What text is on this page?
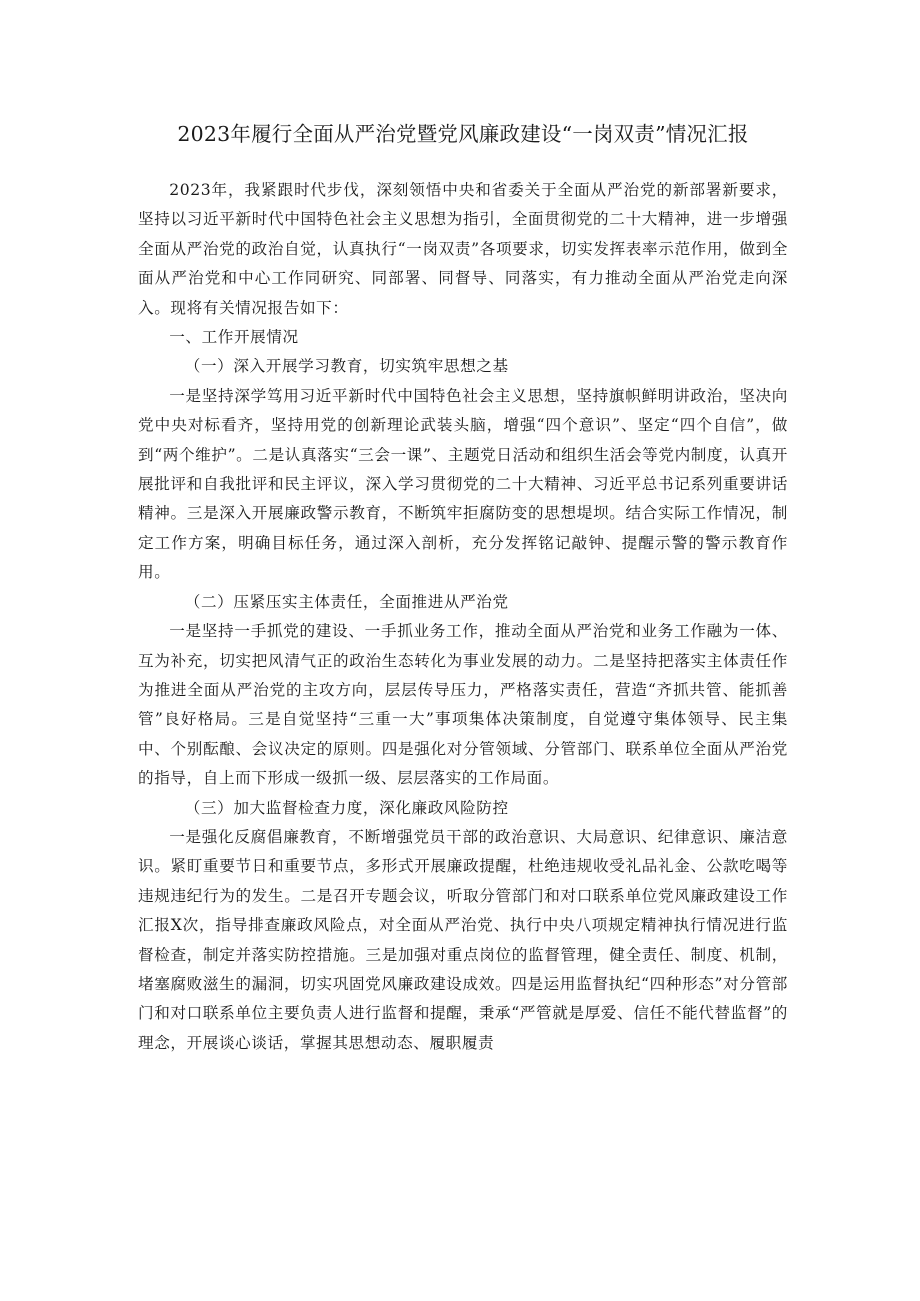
2023年履行全面从严治党暨党风廉政建设“一岗双责”情况汇报

2023年，我紧跟时代步伐，深刻领悟中央和省委关于全面从严治党的新部署新要求，坚持以习近平新时代中国特色社会主义思想为指引，全面贯彻党的二十大精神，进一步增强全面从严治党的政治自觉，认真执行“一岗双责”各项要求，切实发挥表率示范作用，做到全面从严治党和中心工作同研究、同部署、同督导、同落实，有力推动全面从严治党走向深入。现将有关情况报告如下：

一、工作开展情况

（一）深入开展学习教育，切实筑牢思想之基

一是坚持深学笃用习近平新时代中国特色社会主义思想，坚持旗帜鲜明讲政治，坚决向党中央对标看齐，坚持用党的创新理论武装头脑，增强“四个意识”、坚定“四个自信”，做到“两个维护”。二是认真落实“三会一课”、主题党日活动和组织生活会等党内制度，认真开展批评和自我批评和民主评议，深入学习贯彻党的二十大精神、习近平总书记系列重要讲话精神。三是深入开展廉政警示教育，不断筑牢拒腐防变的思想堤坝。结合实际工作情况，制定工作方案，明确目标任务，通过深入剖析，充分发挥铭记敲钟、提醒示警的警示教育作用。

（二）压紧压实主体责任，全面推进从严治党

一是坚持一手抓党的建设、一手抓业务工作，推动全面从严治党和业务工作融为一体、互为补充，切实把风清气正的政治生态转化为事业发展的动力。二是坚持把落实主体责任作为推进全面从严治党的主攻方向，层层传导压力，严格落实责任，营造“齐抓共管、能抓善管”良好格局。三是自觉坚持“三重一大”事项集体决策制度，自觉遵守集体领导、民主集中、个别酝酿、会议决定的原则。四是强化对分管领域、分管部门、联系单位全面从严治党的指导，自上而下形成一级抓一级、层层落实的工作局面。

（三）加大监督检查力度，深化廉政风险防控

一是强化反腐倡廉教育，不断增强党员干部的政治意识、大局意识、纪律意识、廉洁意识。紧盯重要节日和重要节点，多形式开展廉政提醒，杜绝违规收受礼品礼金、公款吃喝等违规违纪行为的发生。二是召开专题会议，听取分管部门和对口联系单位党风廉政建设工作汇报X次，指导排查廉政风险点，对全面从严治党、执行中央八项规定精神执行情况进行监督检查，制定并落实防控措施。三是加强对重点岗位的监督管理，健全责任、制度、机制，堵塞腐败滋生的漏洞，切实巩固党风廉政建设成效。四是运用监督执纪“四种形态”对分管部门和对口联系单位主要负责人进行监督和提醒，秉承“严管就是厚爱、信任不能代替监督”的理念，开展谈心谈话，掌握其思想动态、履职履责
